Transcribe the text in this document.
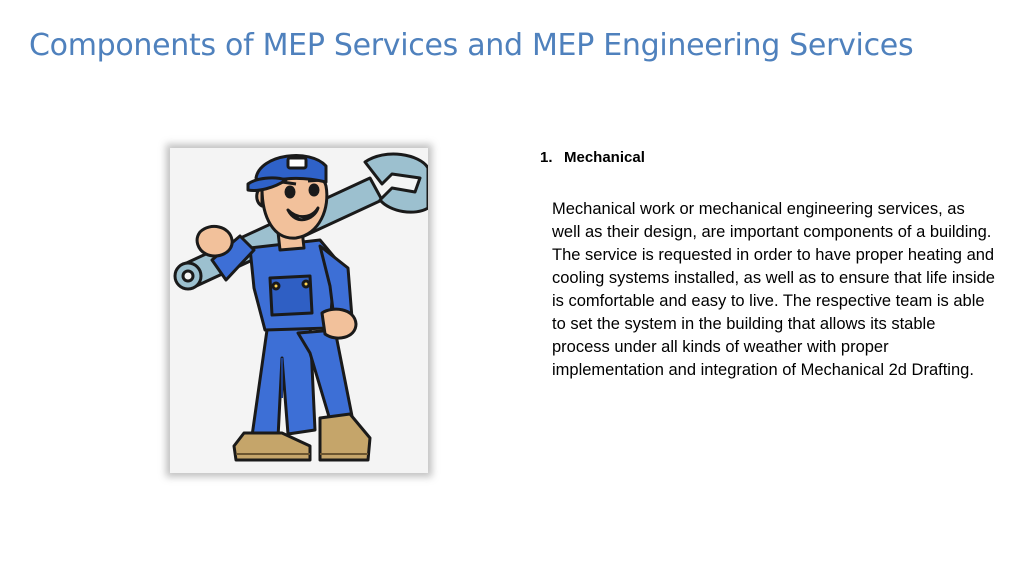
Components of MEP Services and MEP Engineering Services

1. Mechanical

Mechanical work or mechanical engineering services, as well as their design, are important components of a building. The service is requested in order to have proper heating and cooling systems installed, as well as to ensure that life inside is comfortable and easy to live. The respective team is able to set the system in the building that allows its stable process under all kinds of weather with proper implementation and integration of Mechanical 2d Drafting.
